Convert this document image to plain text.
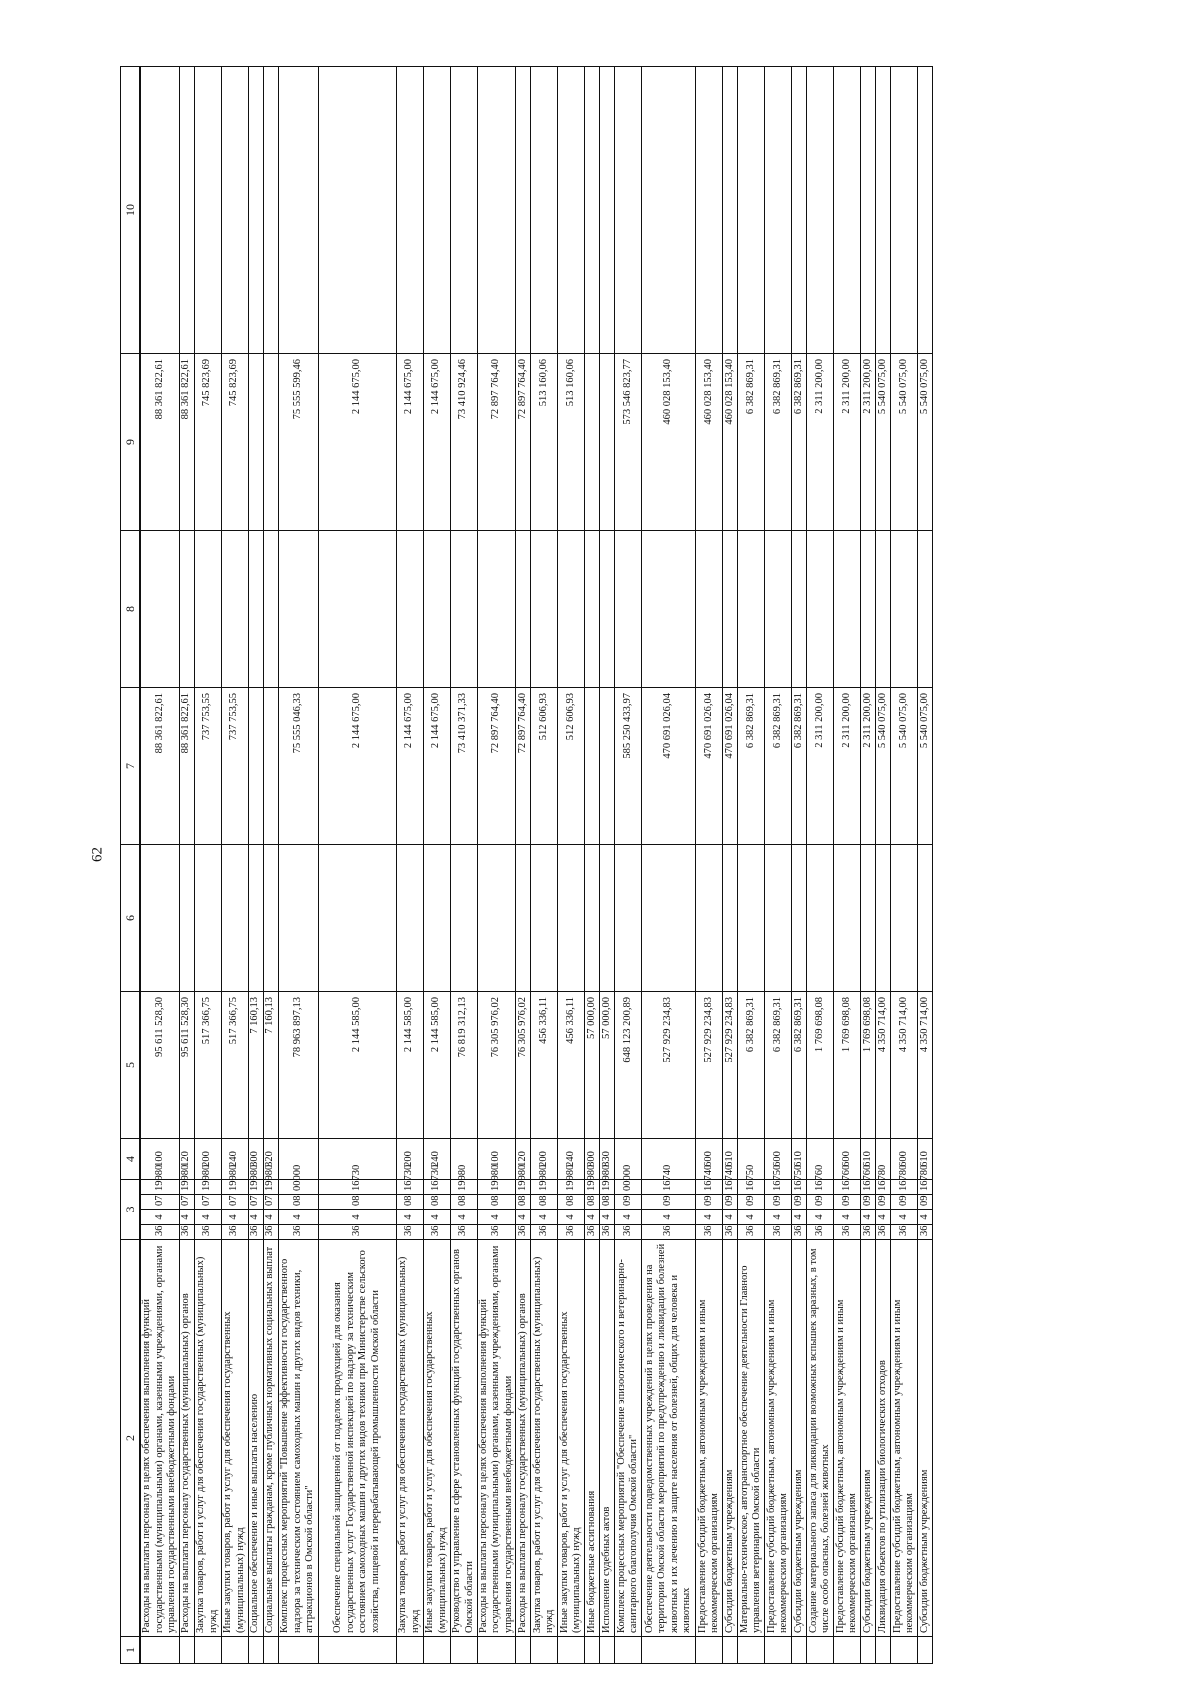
62
1	2	3				4	5	6	7	8	9	10

	Расходы на выплаты персоналу в целях обеспечения выполнения функций государственными (муниципальными) органами, казенными учреждениями, органами управления государственными внебюджетными фондами	36	4	07	19980	100	95 611 528,30		88 361 822,61		88 361 822,61	
	Расходы на выплаты персоналу государственных (муниципальных) органов	36	4	07	19980	120	95 611 528,30		88 361 822,61		88 361 822,61	
	Закупка товаров, работ и услуг для обеспечения государственных (муниципальных) нужд	36	4	07	19980	200	517 366,75		737 753,55		745 823,69	
	Иные закупки товаров, работ и услуг для обеспечения государственных (муниципальных) нужд	36	4	07	19980	240	517 366,75		737 753,55		745 823,69	
	Социальное обеспечение и иные выплаты населению	36	4	07	19980	300	7 160,13					
	Социальные выплаты гражданам, кроме публичных нормативных социальных выплат	36	4	07	19980	320	7 160,13					
	Комплекс процессных мероприятий "Повышение эффективности государственного надзора за техническим состоянием самоходных машин и других видов техники, аттракционов в Омской области"	36	4	08	00000		78 963 897,13		75 555 046,33		75 555 599,46	
	Обеспечение специальной защищенной от подделок продукцией для оказания государственных услуг Государственной инспекцией по надзору за техническим состоянием самоходных машин и других видов техники при Министерстве сельского хозяйства, пищевой и перерабатывающей промышленности Омской области	36	4	08	16730		2 144 585,00		2 144 675,00		2 144 675,00	
	Закупка товаров, работ и услуг для обеспечения государственных (муниципальных) нужд	36	4	08	16730	200	2 144 585,00		2 144 675,00		2 144 675,00	
	Иные закупки товаров, работ и услуг для обеспечения государственных (муниципальных) нужд	36	4	08	16730	240	2 144 585,00		2 144 675,00		2 144 675,00	
	Руководство и управление в сфере установленных функций государственных органов Омской области	36	4	08	19980		76 819 312,13		73 410 371,33		73 410 924,46	
	Расходы на выплаты персоналу в целях обеспечения выполнения функций государственными (муниципальными) органами, казенными учреждениями, органами управления государственными внебюджетными фондами	36	4	08	19980	100	76 305 976,02		72 897 764,40		72 897 764,40	
	Расходы на выплаты персоналу государственных (муниципальных) органов	36	4	08	19980	120	76 305 976,02		72 897 764,40		72 897 764,40	
	Закупка товаров, работ и услуг для обеспечения государственных (муниципальных) нужд	36	4	08	19980	200	456 336,11		512 606,93		513 160,06	
	Иные закупки товаров, работ и услуг для обеспечения государственных (муниципальных) нужд	36	4	08	19980	240	456 336,11		512 606,93		513 160,06	
	Иные бюджетные ассигнования	36	4	08	19980	800	57 000,00					
	Исполнение судебных актов	36	4	08	19980	830	57 000,00					
	Комплекс процессных мероприятий "Обеспечение эпизоотического и ветеринарно-санитарного благополучия Омской области"	36	4	09	00000		648 123 200,89		585 250 433,97		573 546 823,77	
	Обеспечение деятельности подведомственных учреждений в целях проведения на территории Омской области мероприятий по предупреждению и ликвидации болезней животных и их лечению и защите населения от болезней, общих для человека и животных	36	4	09	16740		527 929 234,83		470 691 026,04		460 028 153,40	
	Предоставление субсидий бюджетным, автономным учреждениям и иным некоммерческим организациям	36	4	09	16740	600	527 929 234,83		470 691 026,04		460 028 153,40	
	Субсидии бюджетным учреждениям	36	4	09	16740	610	527 929 234,83		470 691 026,04		460 028 153,40	
	Материально-техническое, автотранспортное обеспечение деятельности Главного управления ветеринарии Омской области	36	4	09	16750		6 382 869,31		6 382 869,31		6 382 869,31	
	Предоставление субсидий бюджетным, автономным учреждениям и иным некоммерческим организациям	36	4	09	16750	600	6 382 869,31		6 382 869,31		6 382 869,31	
	Субсидии бюджетным учреждениям	36	4	09	16750	610	6 382 869,31		6 382 869,31		6 382 869,31	
	Создание материального запаса для ликвидации возможных вспышек заразных, в том числе особо опасных, болезней животных	36	4	09	16760		1 769 698,08		2 311 200,00		2 311 200,00	
	Предоставление субсидий бюджетным, автономным учреждениям и иным некоммерческим организациям	36	4	09	16760	600	1 769 698,08		2 311 200,00		2 311 200,00	
	Субсидии бюджетным учреждениям	36	4	09	16760	610	1 769 698,08		2 311 200,00		2 311 200,00	
	Ликвидация объектов по утилизации биологических отходов	36	4	09	16780		4 350 714,00		5 540 075,00		5 540 075,00	
	Предоставление субсидий бюджетным, автономным учреждениям и иным некоммерческим организациям	36	4	09	16780	600	4 350 714,00		5 540 075,00		5 540 075,00	
	Субсидии бюджетным учреждениям	36	4	09	16780	610	4 350 714,00		5 540 075,00		5 540 075,00	
